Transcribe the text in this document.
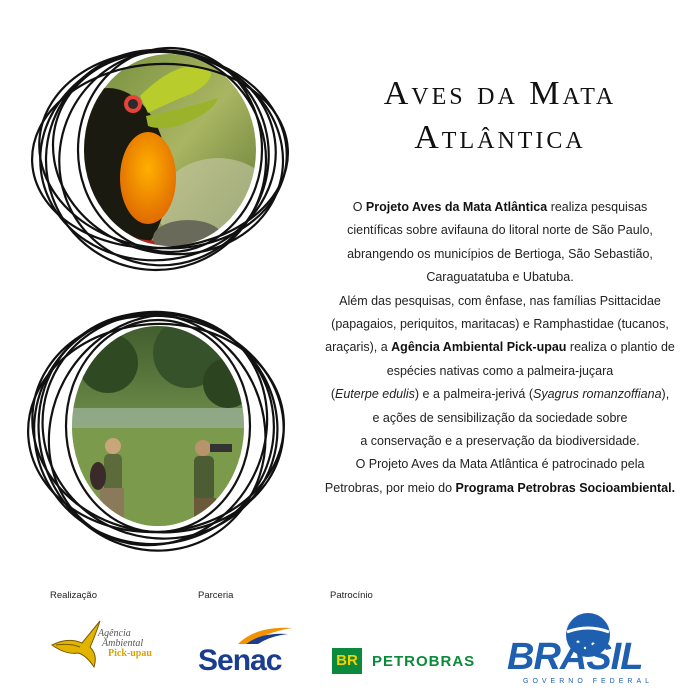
Aves da Mata
Atlântica
O Projeto Aves da Mata Atlântica realiza pesquisas
científicas sobre avifauna do litoral norte de São Paulo,
abrangendo os municípios de Bertioga, São Sebastião,
Caraguatatuba e Ubatuba.
Além das pesquisas, com ênfase, nas famílias Psittacidae
(papagaios, periquitos, maritacas) e Ramphastidae (tucanos,
araçaris), a Agência Ambiental Pick-upau realiza o plantio de
espécies nativas como a palmeira-juçara
(Euterpe edulis) e a palmeira-jerivá (Syagrus romanzoffiana),
e ações de sensibilização da sociedade sobre
a conservação e a preservação da biodiversidade.
O Projeto Aves da Mata Atlântica é patrocinado pela
Petrobras, por meio do Programa Petrobras Socioambiental.
Realização	Parceria	Patrocínio
Agência
Ambiental
Pick-upau Senac	BR PETROBRAS BRASIL
GOVERNO FEDERAL
